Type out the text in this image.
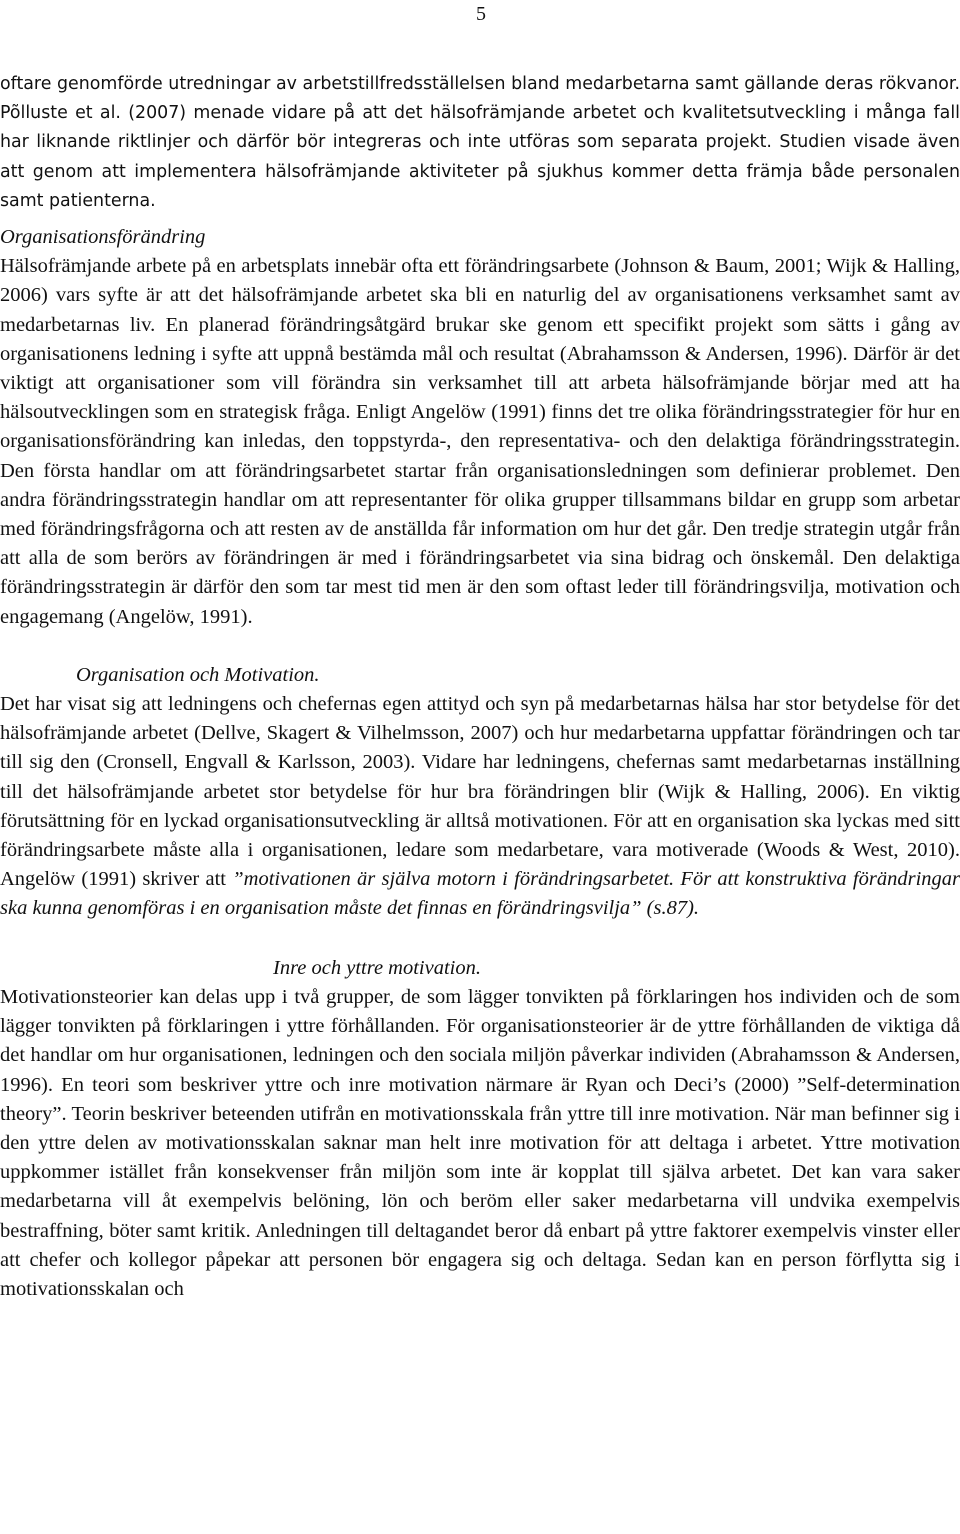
5

oftare genomförde utredningar av arbetstillfredsställelsen bland medarbetarna samt gällande deras rökvanor. Põlluste et al. (2007) menade vidare på att det hälsofrämjande arbetet och kvalitetsutveckling i många fall har liknande riktlinjer och därför bör integreras och inte utföras som separata projekt. Studien visade även att genom att implementera hälsofrämjande aktiviteter på sjukhus kommer detta främja både personalen samt patienterna.

Organisationsförändring

Hälsofrämjande arbete på en arbetsplats innebär ofta ett förändringsarbete (Johnson & Baum, 2001; Wijk & Halling, 2006) vars syfte är att det hälsofrämjande arbetet ska bli en naturlig del av organisationens verksamhet samt av medarbetarnas liv. En planerad förändringsåtgärd brukar ske genom ett specifikt projekt som sätts i gång av organisationens ledning i syfte att uppnå bestämda mål och resultat (Abrahamsson & Andersen, 1996). Därför är det viktigt att organisationer som vill förändra sin verksamhet till att arbeta hälsofrämjande börjar med att ha hälsoutvecklingen som en strategisk fråga. Enligt Angelöw (1991) finns det tre olika förändringsstrategier för hur en organisationsförändring kan inledas, den toppstyrda-, den representativa- och den delaktiga förändringsstrategin. Den första handlar om att förändringsarbetet startar från organisationsledningen som definierar problemet. Den andra förändringsstrategin handlar om att representanter för olika grupper tillsammans bildar en grupp som arbetar med förändringsfrågorna och att resten av de anställda får information om hur det går. Den tredje strategin utgår från att alla de som berörs av förändringen är med i förändringsarbetet via sina bidrag och önskemål. Den delaktiga förändringsstrategin är därför den som tar mest tid men är den som oftast leder till förändringsvilja, motivation och engagemang (Angelöw, 1991).

Organisation och Motivation.

Det har visat sig att ledningens och chefernas egen attityd och syn på medarbetarnas hälsa har stor betydelse för det hälsofrämjande arbetet (Dellve, Skagert & Vilhelmsson, 2007) och hur medarbetarna uppfattar förändringen och tar till sig den (Cronsell, Engvall & Karlsson, 2003). Vidare har ledningens, chefernas samt medarbetarnas inställning till det hälsofrämjande arbetet stor betydelse för hur bra förändringen blir (Wijk & Halling, 2006). En viktig förutsättning för en lyckad organisationsutveckling är alltså motivationen. För att en organisation ska lyckas med sitt förändringsarbete måste alla i organisationen, ledare som medarbetare, vara motiverade (Woods & West, 2010). Angelöw (1991) skriver att ”motivationen är själva motorn i förändringsarbetet. För att konstruktiva förändringar ska kunna genomföras i en organisation måste det finnas en förändringsvilja” (s.87).

Inre och yttre motivation.

Motivationsteorier kan delas upp i två grupper, de som lägger tonvikten på förklaringen hos individen och de som lägger tonvikten på förklaringen i yttre förhållanden. För organisationsteorier är de yttre förhållanden de viktiga då det handlar om hur organisationen, ledningen och den sociala miljön påverkar individen (Abrahamsson & Andersen, 1996). En teori som beskriver yttre och inre motivation närmare är Ryan och Deci’s (2000) ”Self-determination theory”. Teorin beskriver beteenden utifrån en motivationsskala från yttre till inre motivation. När man befinner sig i den yttre delen av motivationsskalan saknar man helt inre motivation för att deltaga i arbetet. Yttre motivation uppkommer istället från konsekvenser från miljön som inte är kopplat till själva arbetet. Det kan vara saker medarbetarna vill åt exempelvis belöning, lön och beröm eller saker medarbetarna vill undvika exempelvis bestraffning, böter samt kritik. Anledningen till deltagandet beror då enbart på yttre faktorer exempelvis vinster eller att chefer och kollegor påpekar att personen bör engagera sig och deltaga. Sedan kan en person förflytta sig i motivationsskalan och
